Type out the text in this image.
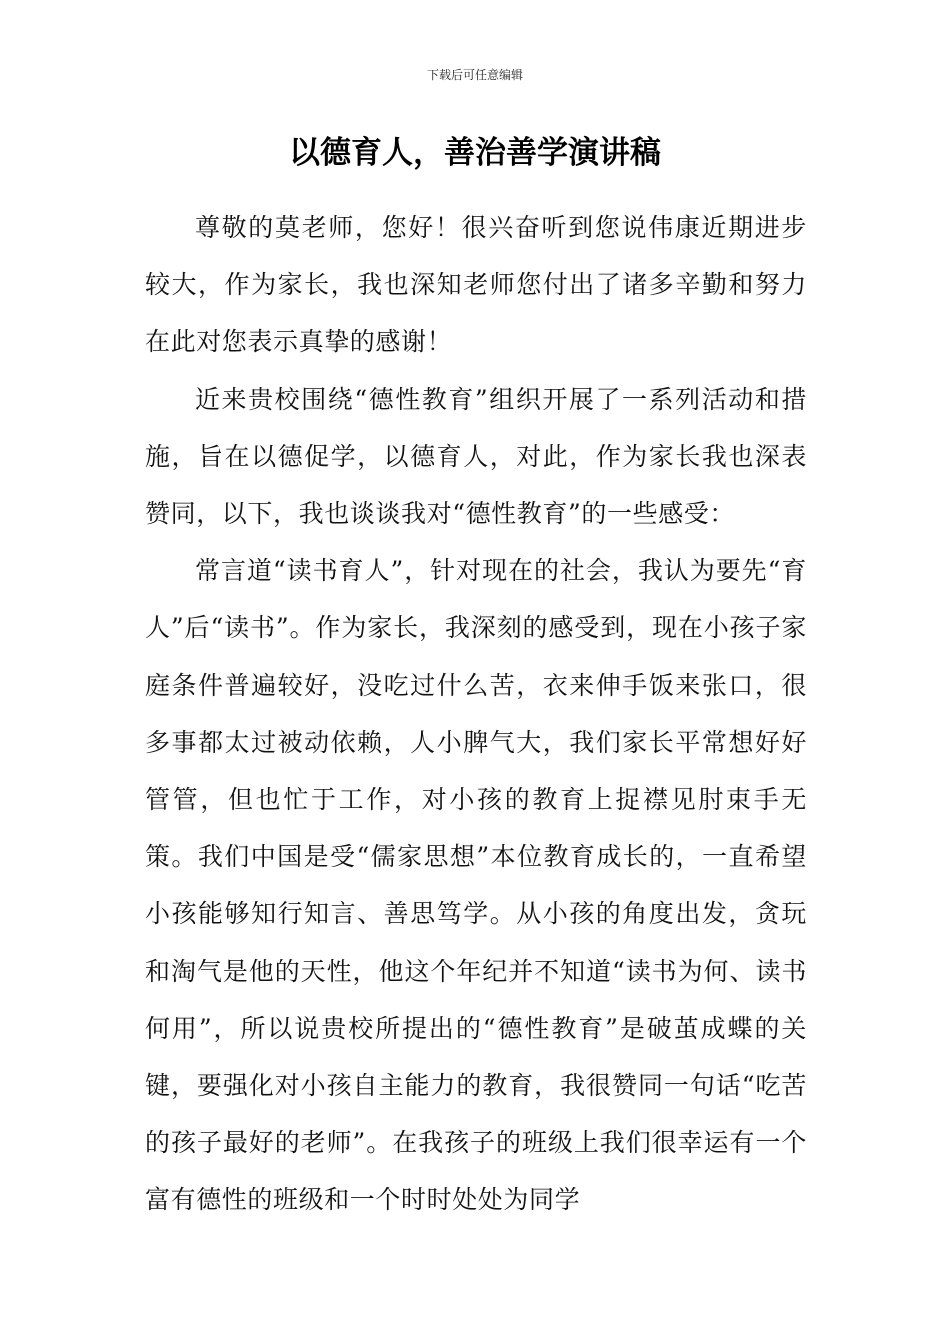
下载后可任意编辑
以德育人，善治善学演讲稿

尊敬的莫老师，您好！很兴奋听到您说伟康近期进步较大，作为家长，我也深知老师您付出了诸多辛勤和努力在此对您表示真挚的感谢！

近来贵校围绕“德性教育”组织开展了一系列活动和措施，旨在以德促学，以德育人，对此，作为家长我也深表赞同，以下，我也谈谈我对“德性教育”的一些感受：

常言道“读书育人”，针对现在的社会，我认为要先“育人”后“读书”。作为家长，我深刻的感受到，现在小孩子家庭条件普遍较好，没吃过什么苦，衣来伸手饭来张口，很多事都太过被动依赖，人小脾气大，我们家长平常想好好管管，但也忙于工作，对小孩的教育上捉襟见肘束手无策。我们中国是受“儒家思想”本位教育成长的，一直希望小孩能够知行知言、善思笃学。从小孩的角度出发，贪玩和淘气是他的天性，他这个年纪并不知道“读书为何、读书何用”，所以说贵校所提出的“德性教育”是破茧成蝶的关键，要强化对小孩自主能力的教育，我很赞同一句话“吃苦的孩子最好的老师”。在我孩子的班级上我们很幸运有一个富有德性的班级和一个时时处处为同学
